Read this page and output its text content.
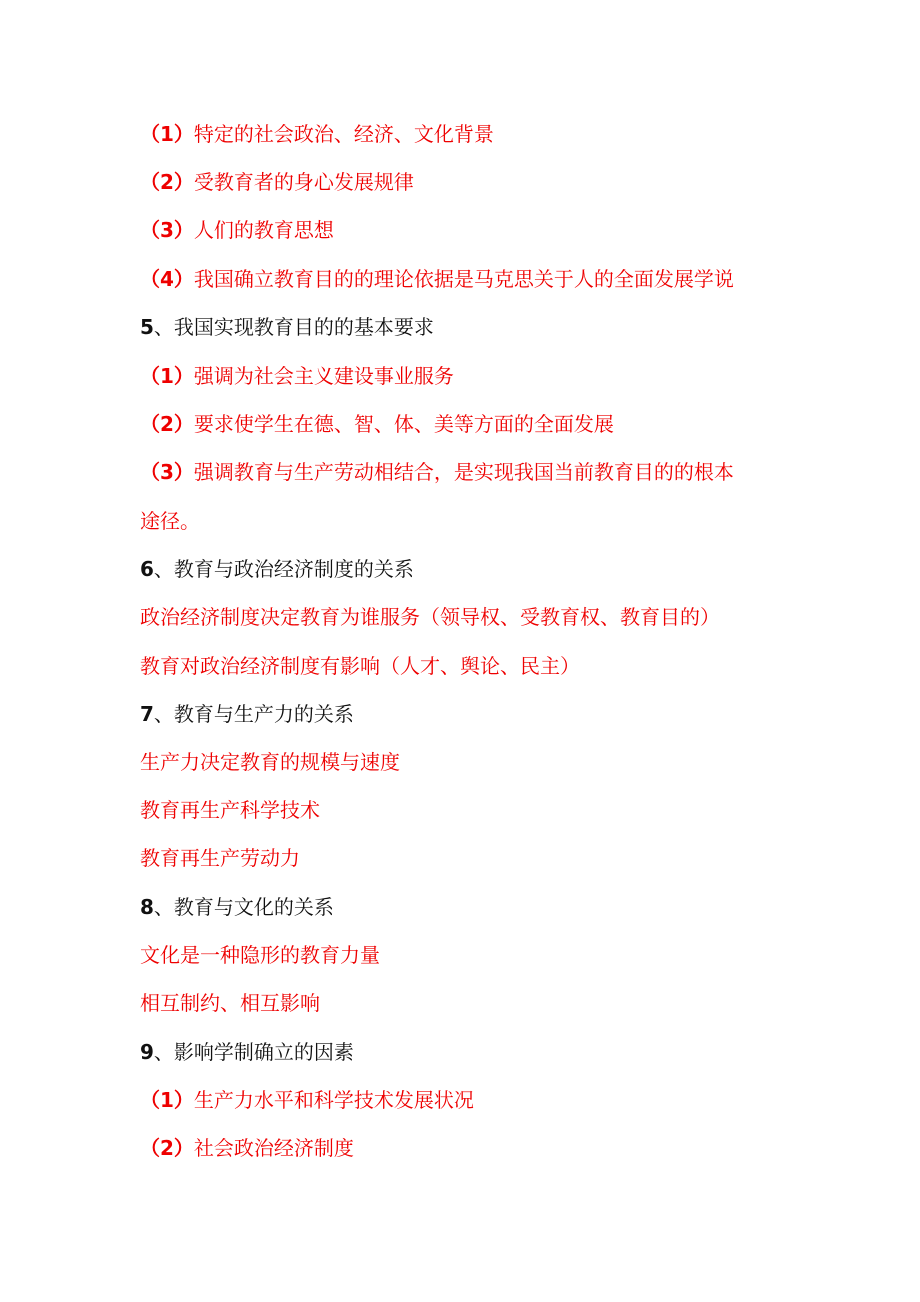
（1）特定的社会政治、经济、文化背景
（2）受教育者的身心发展规律
（3）人们的教育思想
（4）我国确立教育目的的理论依据是马克思关于人的全面发展学说
5、我国实现教育目的的基本要求
（1）强调为社会主义建设事业服务
（2）要求使学生在德、智、体、美等方面的全面发展
（3）强调教育与生产劳动相结合，是实现我国当前教育目的的根本
途径。
6、教育与政治经济制度的关系
政治经济制度决定教育为谁服务（领导权、受教育权、教育目的）
教育对政治经济制度有影响（人才、舆论、民主）
7、教育与生产力的关系
生产力决定教育的规模与速度
教育再生产科学技术
教育再生产劳动力
8、教育与文化的关系
文化是一种隐形的教育力量
相互制约、相互影响
9、影响学制确立的因素
（1）生产力水平和科学技术发展状况
（2）社会政治经济制度
